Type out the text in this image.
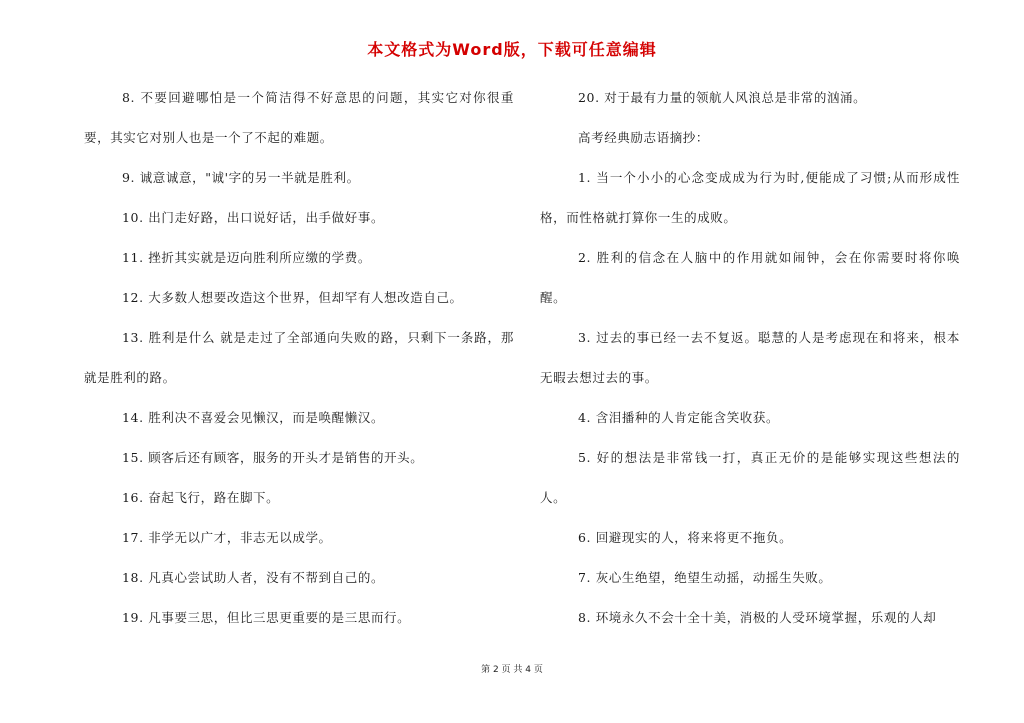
本文格式为Word版，下载可任意编辑

8. 不要回避哪怕是一个简洁得不好意思的问题，其实它对你很重要，其实它对别人也是一个了不起的难题。

9. 诚意诚意，"诚'字的另一半就是胜利。

10. 出门走好路，出口说好话，出手做好事。

11. 挫折其实就是迈向胜利所应缴的学费。

12. 大多数人想要改造这个世界，但却罕有人想改造自己。

13. 胜利是什么 就是走过了全部通向失败的路，只剩下一条路，那就是胜利的路。

14. 胜利决不喜爱会见懒汉，而是唤醒懒汉。

15. 顾客后还有顾客，服务的开头才是销售的开头。

16. 奋起飞行，路在脚下。

17. 非学无以广才，非志无以成学。

18. 凡真心尝试助人者，没有不帮到自己的。

19. 凡事要三思，但比三思更重要的是三思而行。

20. 对于最有力量的领航人风浪总是非常的汹涌。

高考经典励志语摘抄：

1. 当一个小小的心念变成成为行为时,便能成了习惯;从而形成性格，而性格就打算你一生的成败。

2. 胜利的信念在人脑中的作用就如闹钟，会在你需要时将你唤醒。

3. 过去的事已经一去不复返。聪慧的人是考虑现在和将来，根本无暇去想过去的事。

4. 含泪播种的人肯定能含笑收获。

5. 好的想法是非常钱一打，真正无价的是能够实现这些想法的人。

6. 回避现实的人，将来将更不拖负。

7. 灰心生绝望，绝望生动摇，动摇生失败。

8. 环境永久不会十全十美，消极的人受环境掌握，乐观的人却

第 2 页 共 4 页
